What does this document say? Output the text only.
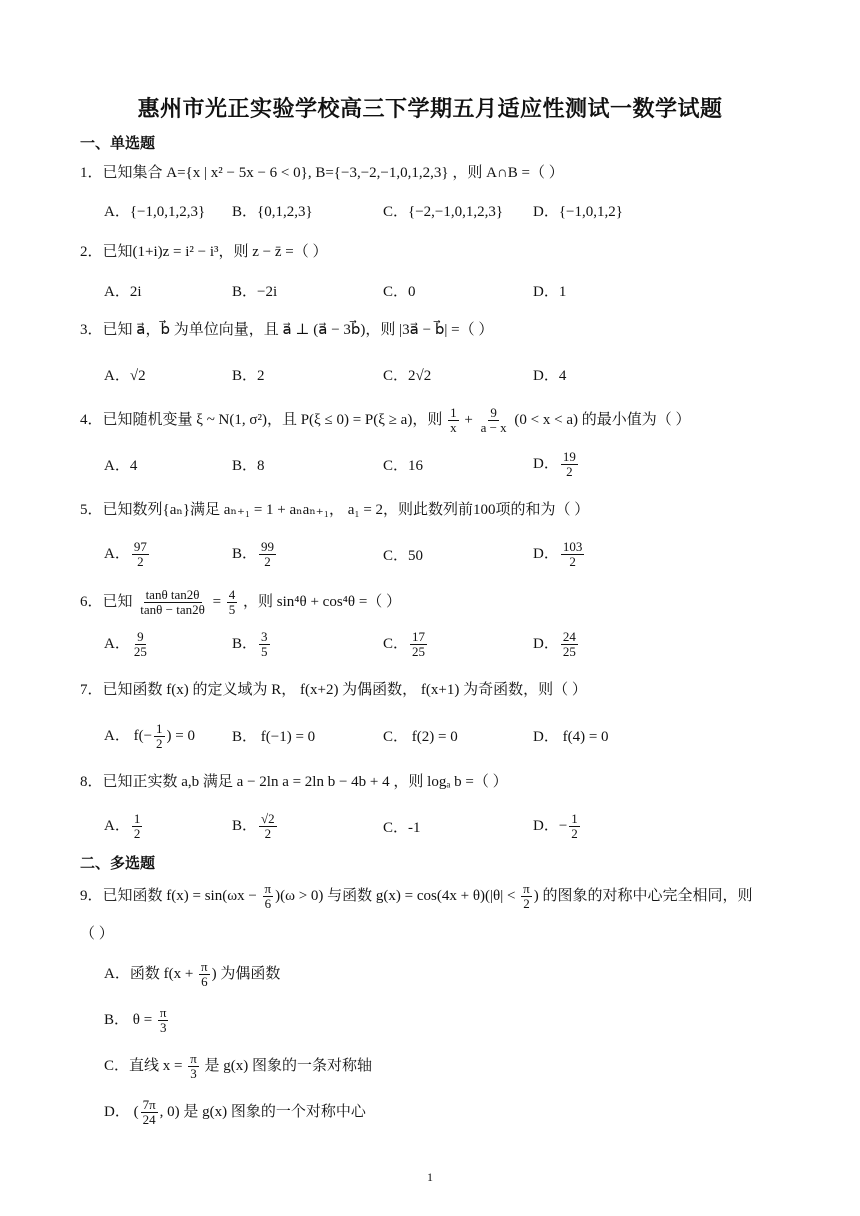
惠州市光正实验学校高三下学期五月适应性测试一数学试题
一、单选题
1．已知集合 A={x | x² − 5x − 6 < 0}, B={−3,−2,−1,0,1,2,3} ，则 A∩B =（ ）
A．{−1,0,1,2,3} B．{0,1,2,3}	C．{−2,−1,0,1,2,3} D．{−1,0,1,2}
2．已知(1+i)z = i² − i³，则 z − z̄ =（ ）
A．2i	B．−2i	C．0	D．1
3．已知 a⃗，b⃗ 为单位向量，且 a⃗ ⊥ (a⃗ − 3b⃗)，则 |3a⃗ − b⃗| =（ ）
A．√2	B．2	C．2√2	D．4
4．已知随机变量 ξ ~ N(1, σ²)，且 P(ξ ≤ 0) = P(ξ ≥ a)，则 $\frac{1}{x} + \frac{9}{a - x} (0 < x < a)$ 的最小值为（ ）
A．4	B．8	C．16	D． $\frac{19}{2}$
5．已知数列{aₙ}满足 aₙ₊₁ = 1 + aₙaₙ₊₁， a₁ = 2，则此数列前100项的和为（ ）
A． $\frac{97}{2}$	B． $\frac{99}{2}$	C．50	D． $\frac{103}{2}$
6．已知 $\frac{\text{tanθ tan2θ}}{\tan\theta - \tan 2\theta} = \frac{4}{5}$ ，则 sin⁴θ + cos⁴θ =（ ）
A． $\frac{9}{25}$	B． $\frac{3}{5}$	C． $\frac{17}{25}$	D． $\frac{24}{25}$
7．已知函数 f(x) 的定义域为 R， f(x+2) 为偶函数， f(x+1) 为奇函数，则（ ）
A． $f(- \frac{1}{2}$ ) = 0 B． f(−1) = 0	C． f(2) = 0	D． f(4) = 0
8．已知正实数 a,b 满足 a − 2ln a = 2ln b − 4b + 4 ，则 logₐ b =（ ）
A． $\frac{1}{2}$	B． $\frac{√2}{2}$	C．-1	D．− $\frac{1}{2}$
二、多选题
9．已知函数 $f(x) = \sin(\omega x - \frac{\pi}{6} )(\omega > 0)$ 与函数 $g(x) = \cos(4x + \theta)(|\theta| < \frac{\pi}{2}$ ) 的图象的对称中心完全相同，则
（ ）
A．函数 $f(x + \frac{\pi}{6}$ ) 为偶函数
B． $\theta = \frac{\pi}{3}$
C．直线 $x = \frac{\pi}{3}$ 是 g(x) 图象的一条对称轴
D． ( $\frac{7\pi}{24}$ , 0) 是 g(x) 图象的一个对称中心
1
